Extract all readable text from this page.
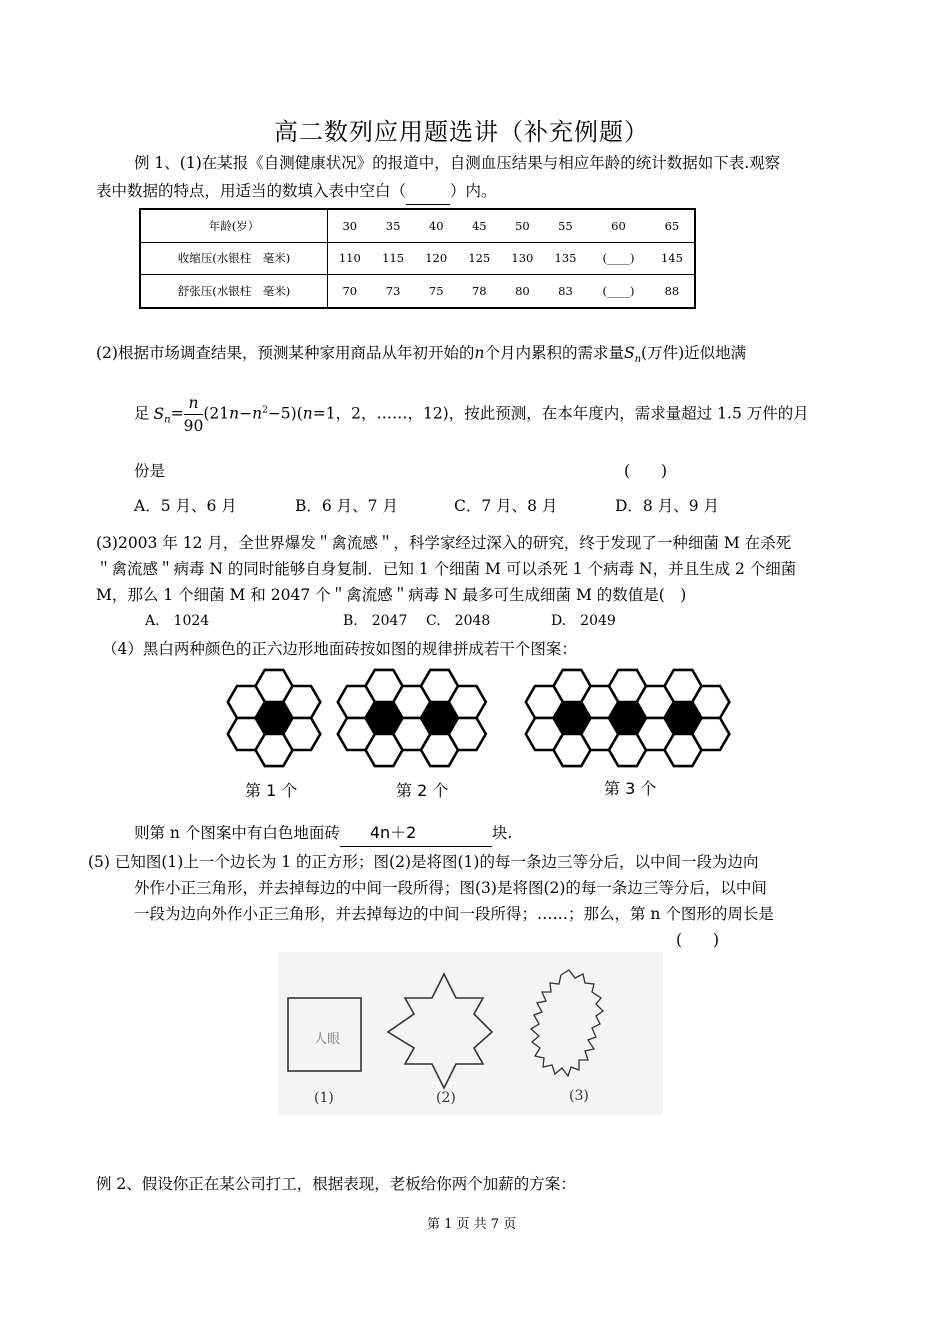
高二数列应用题选讲（补充例题）
例 1、(1)在某报《自测健康状况》的报道中，自测血压结果与相应年龄的统计数据如下表.观察
表中数据的特点，用适当的数填入表中空白（	）内。
年龄(岁）	30	35	40	45	50	55	60	65
收缩压(水银柱　毫米)	110	115	120	125	130	135	(____)	145
舒张压(水银柱　毫米)	70	73	75	78	80	83	(____)	88
(2)根据市场调查结果，预测某种家用商品从年初开始的n个月内累积的需求量$S_n$(万件)近似地满
足 $S_n= \frac{n}{90} (21n-n^2-5)(n=1$，2，……，12)，按此预测，在本年度内，需求量超过 1.5 万件的月
份是	(　　)
A．5 月、6 月	B．6 月、7 月	C．7 月、8 月	D．8 月、9 月
(3)2003 年 12 月，全世界爆发＂禽流感＂，科学家经过深入的研究，终于发现了一种细菌 M 在杀死
＂禽流感＂病毒 N 的同时能够自身复制．已知 1 个细菌 M 可以杀死 1 个病毒 N，并且生成 2 个细菌
M，那么 1 个细菌 M 和 2047 个＂禽流感＂病毒 N 最多可生成细菌 M 的数值是(　)
A.　1024	B.　2047 C.　2048	D.　2049
（4）黑白两种颜色的正六边形地面砖按如图的规律拼成若干个图案：
第 1 个	第 2 个	第 3 个
则第 n 个图案中有白色地面砖 4n＋2	块.
(5) 已知图(1)上一个边长为 1 的正方形；图(2)是将图(1)的每一条边三等分后，以中间一段为边向
外作小正三角形，并去掉每边的中间一段所得；图(3)是将图(2)的每一条边三等分后，以中间
一段为边向外作小正三角形，并去掉每边的中间一段所得；……；那么，第 n 个图形的周长是
(　　)
人眼
(1)	(2)	(3)
例 2、假设你正在某公司打工，根据表现，老板给你两个加薪的方案：
第 1 页 共 7 页
